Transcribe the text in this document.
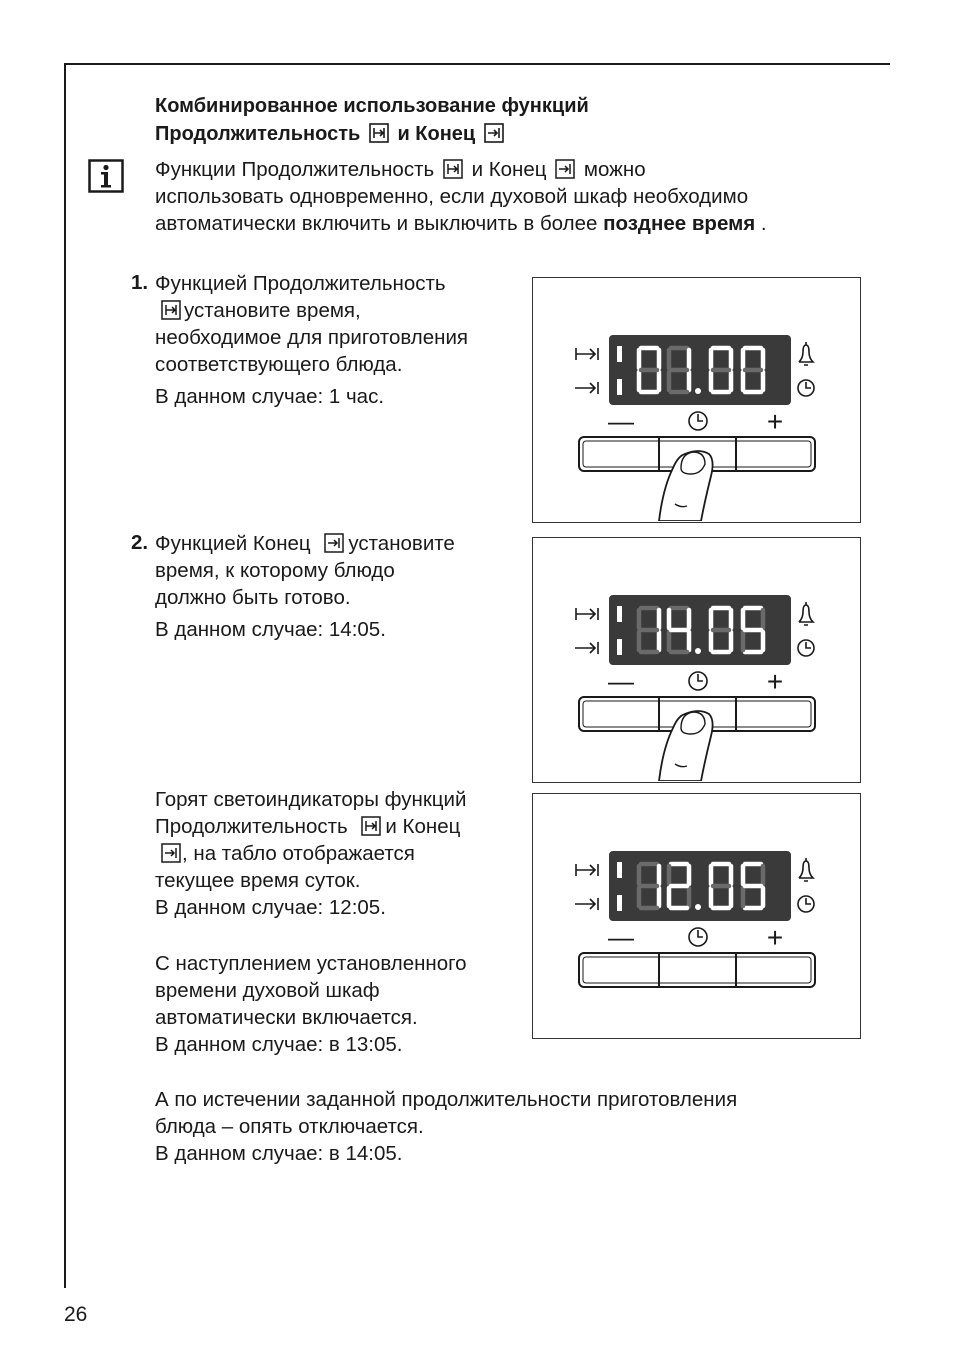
Комбинированное использование функций
Продолжительность и Конец
Функции Продолжительность и Конец можно
использовать одновременно, если духовой шкаф необходимо
автоматически включить и выключить в более позднее время .
1. Функцией Продолжительность
установите время,
необходимое для приготовления
соответствующего блюда.
В данном случае: 1 час.
2. Функцией Конец установите
время, к которому блюдо
должно быть готово.
В данном случае: 14:05.
Горят светоиндикаторы функций
Продолжительность и Конец
, на табло отображается
текущее время суток.
В данном случае: 12:05.
С наступлением установленного
времени духовой шкаф
автоматически включается.
В данном случае: в 13:05.
А по истечении заданной продолжительности приготовления
блюда – опять отключается.
В данном случае: в 14:05.
—	+
—	+
—	+
26
